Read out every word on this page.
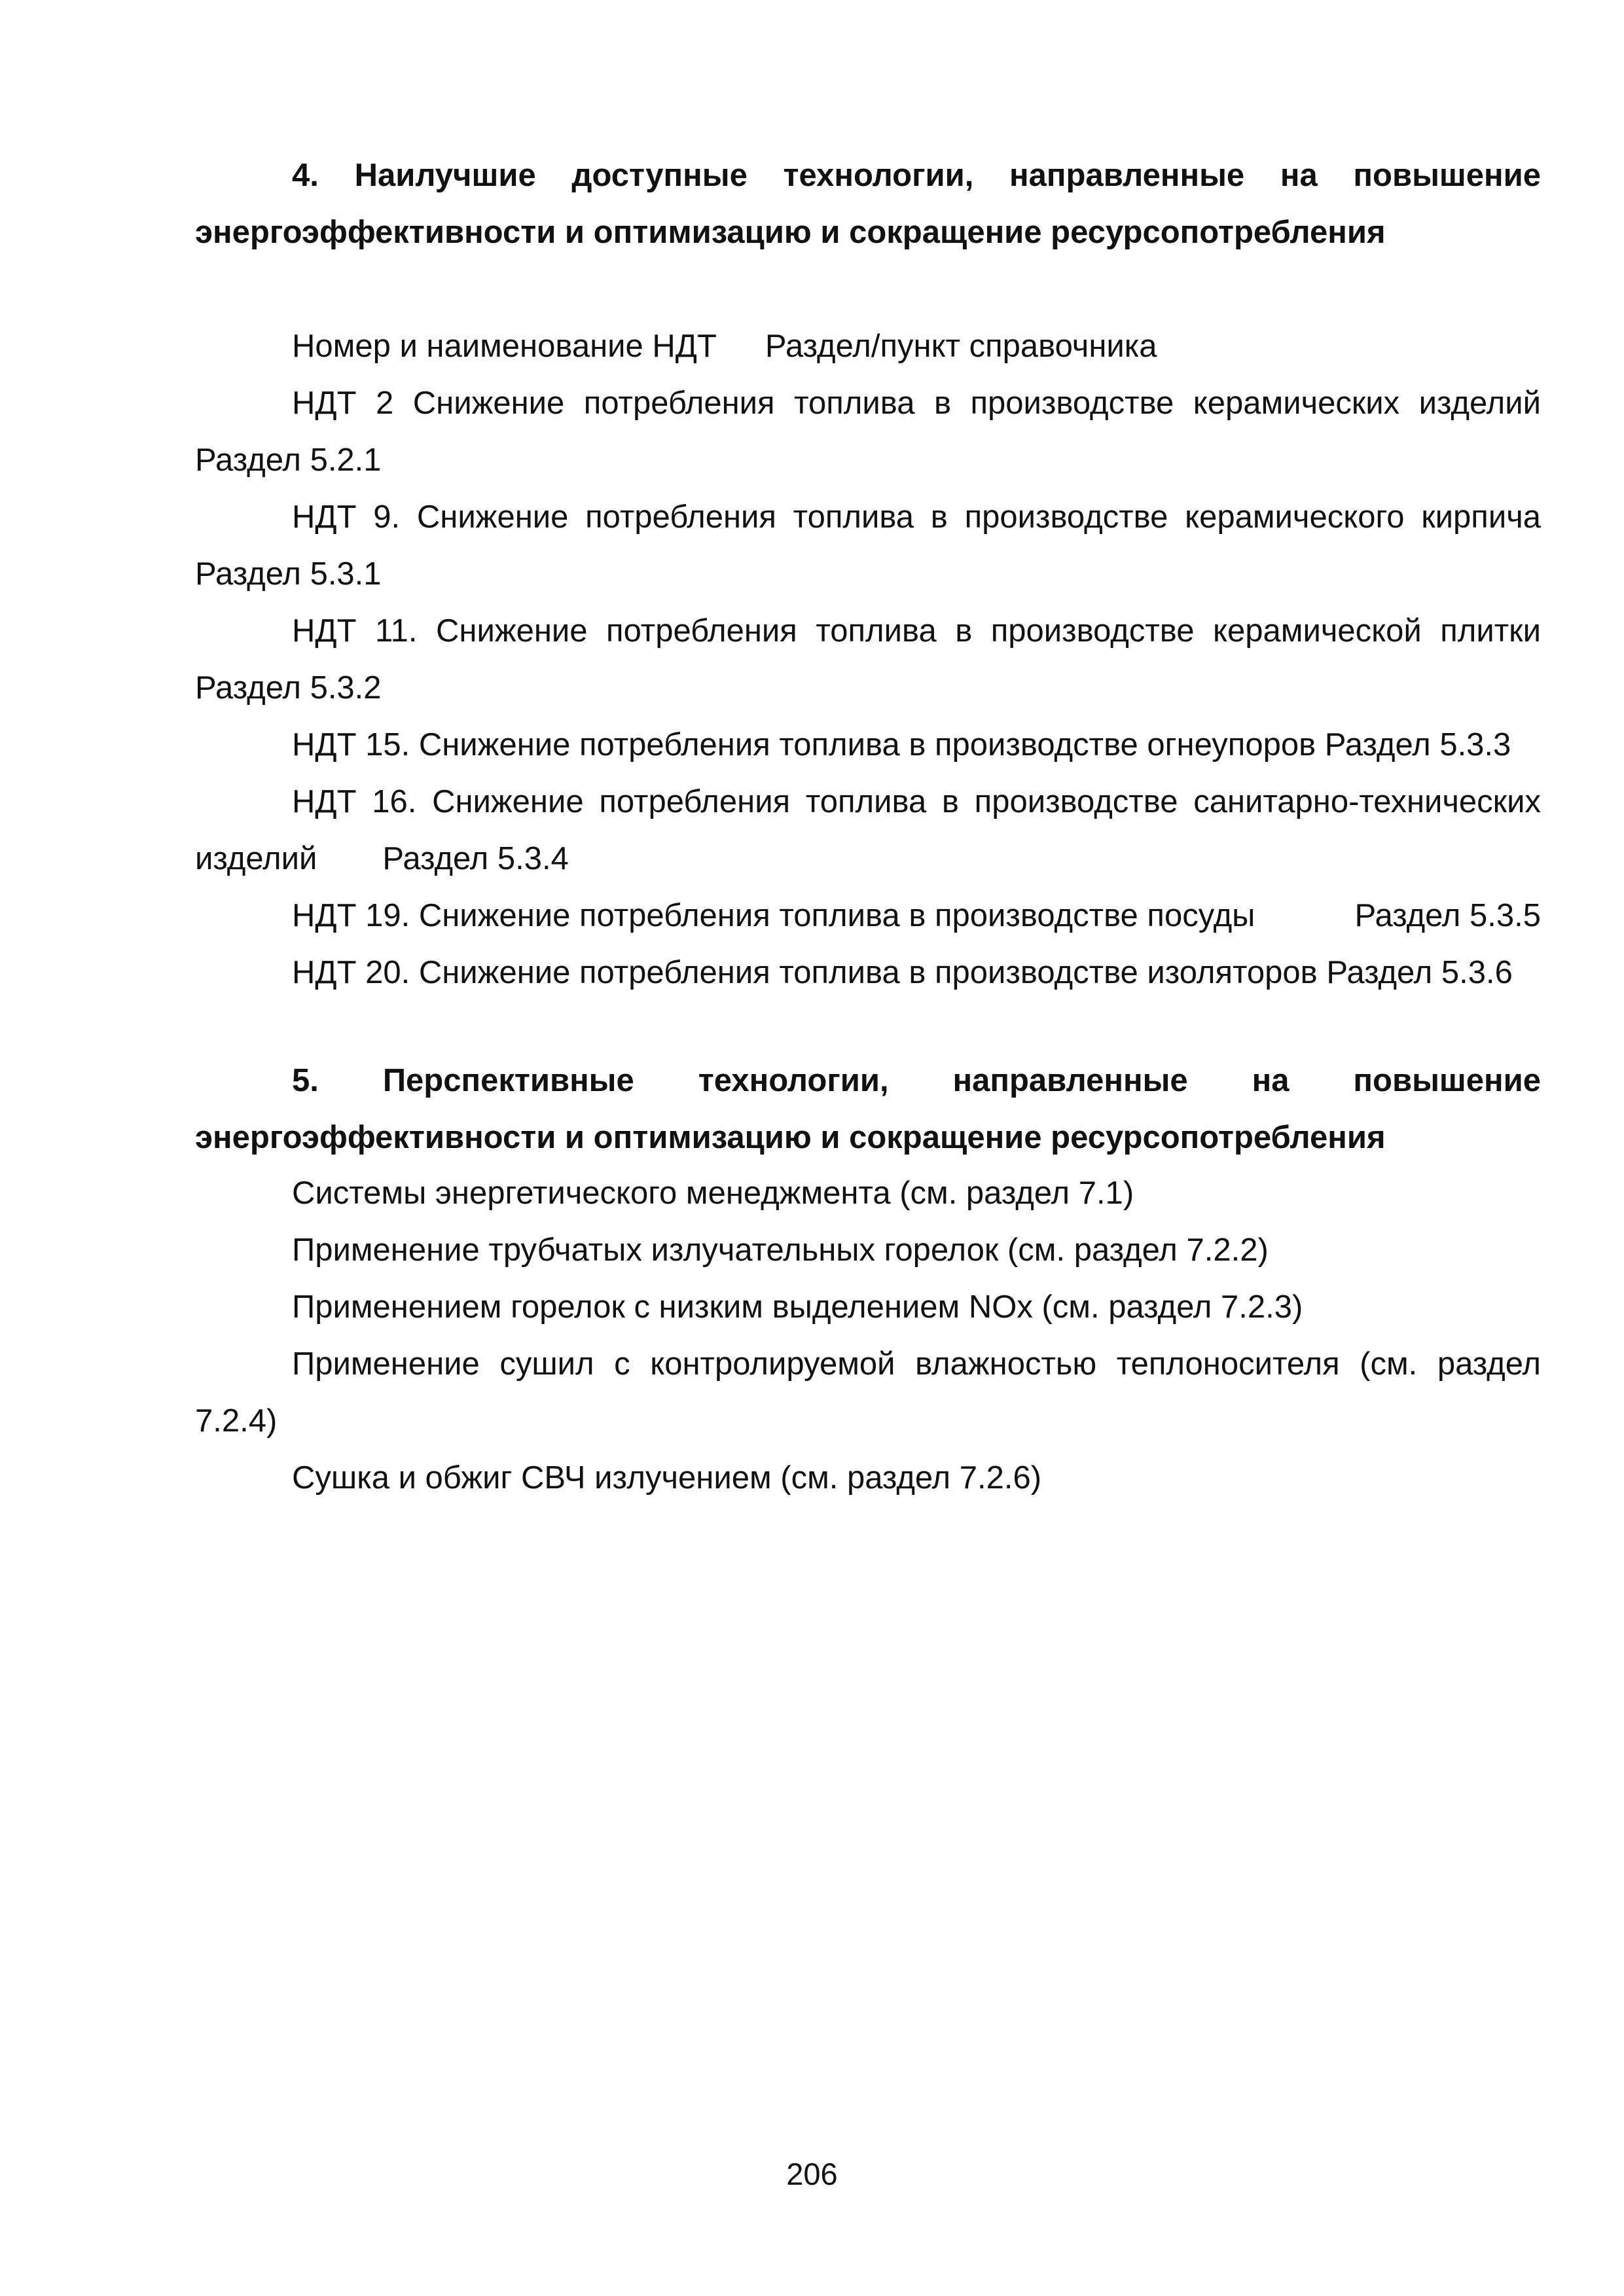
4. Наилучшие доступные технологии, направленные на повышение энергоэффективности и оптимизацию и сокращение ресурсопотребления

Номер и наименование НДТ Раздел/пункт справочника

НДТ 2 Снижение потребления топлива в производстве керамических изделий Раздел 5.2.1

НДТ 9. Снижение потребления топлива в производстве керамического кирпича Раздел 5.3.1

НДТ 11. Снижение потребления топлива в производстве керамической плитки Раздел 5.3.2

НДТ 15. Снижение потребления топлива в производстве огнеупоров Раздел 5.3.3

НДТ 16. Снижение потребления топлива в производстве санитарно-технических изделий Раздел 5.3.4

НДТ 19. Снижение потребления топлива в производстве посуды	Раздел 5.3.5

НДТ 20. Снижение потребления топлива в производстве изоляторов Раздел 5.3.6

5. Перспективные технологии, направленные на повышение энергоэффективности и оптимизацию и сокращение ресурсопотребления

Системы энергетического менеджмента (см. раздел 7.1)

Применение трубчатых излучательных горелок (см. раздел 7.2.2)

Применением горелок с низким выделением NOx (см. раздел 7.2.3)

Применение сушил с контролируемой влажностью теплоносителя (см. раздел 7.2.4)

Сушка и обжиг СВЧ излучением (см. раздел 7.2.6)

206
